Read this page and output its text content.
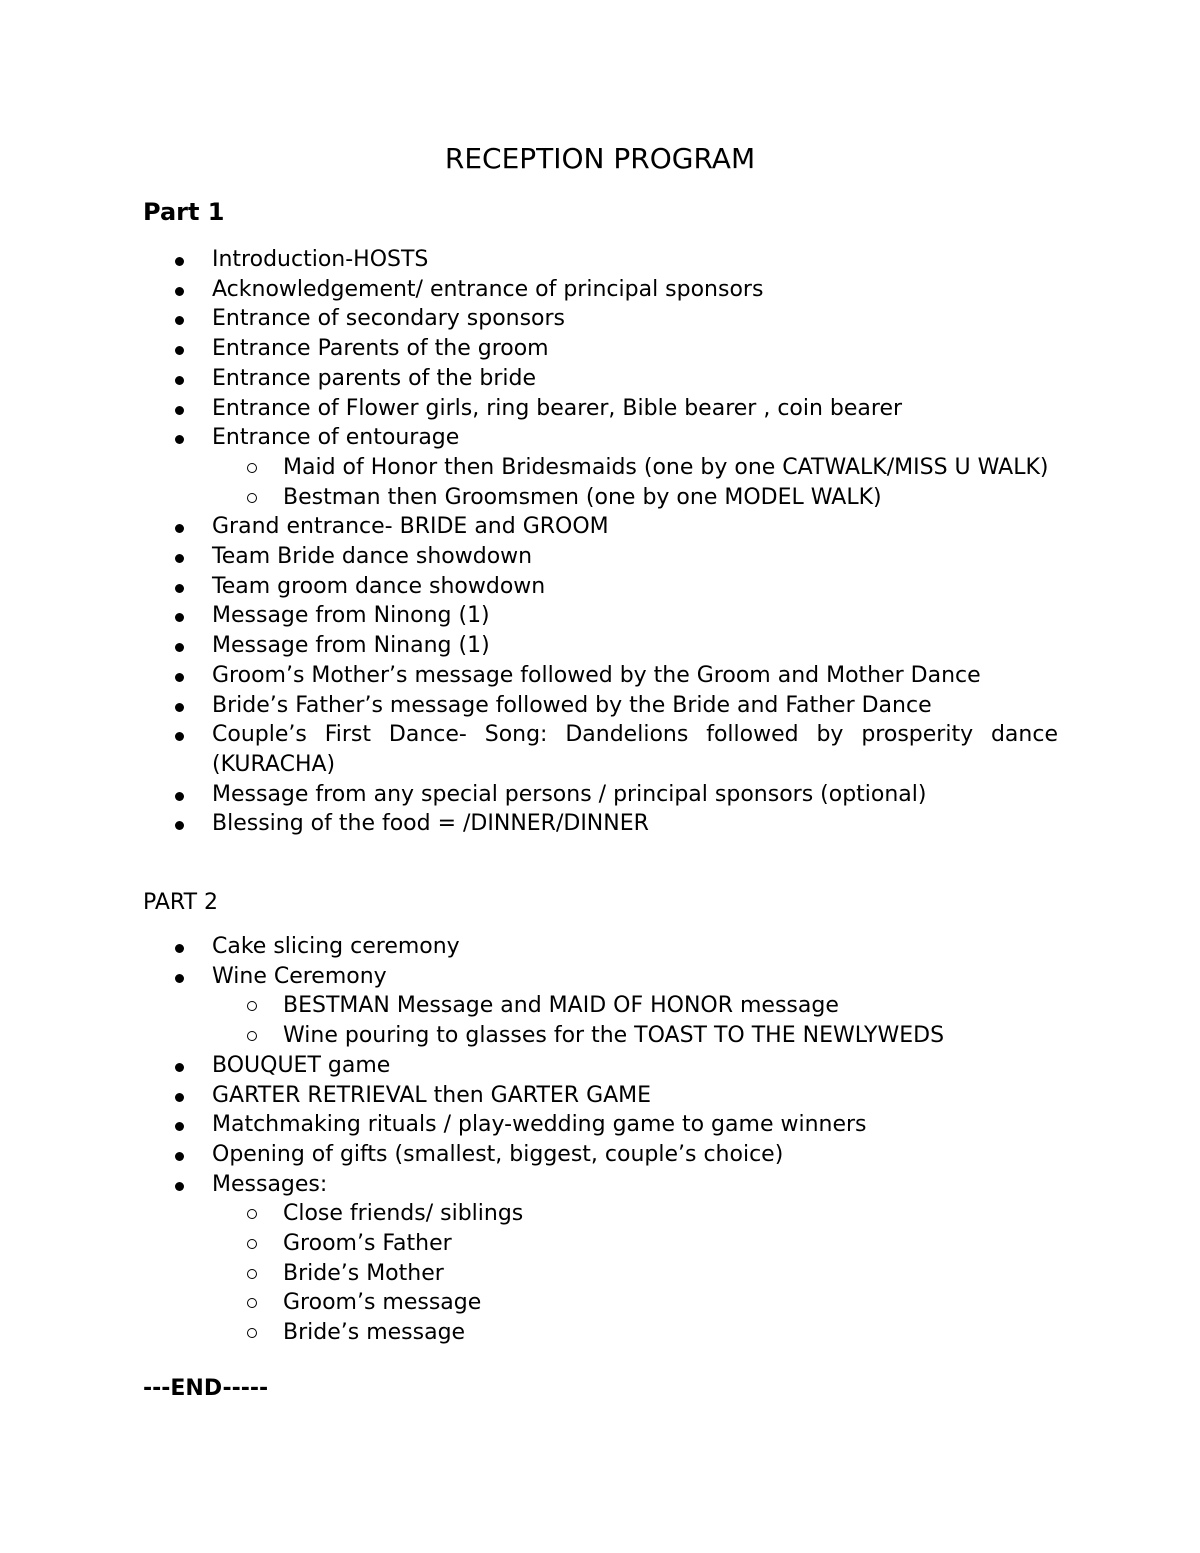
RECEPTION PROGRAM
Part 1
Introduction-HOSTS
Acknowledgement/ entrance of principal sponsors
Entrance of secondary sponsors
Entrance Parents of the groom
Entrance parents of the bride
Entrance of Flower girls, ring bearer, Bible bearer , coin bearer
Entrance of entourage
Maid of Honor then Bridesmaids (one by one CATWALK/MISS U WALK)
Bestman then Groomsmen (one by one MODEL WALK)
Grand entrance- BRIDE and GROOM
Team Bride dance showdown
Team groom dance showdown
Message from Ninong (1)
Message from Ninang (1)
Groom’s Mother’s message followed by the Groom and Mother Dance
Bride’s Father’s message followed by the Bride and Father Dance
Couple’s First Dance- Song: Dandelions followed by prosperity dance (KURACHA)
Message from any special persons / principal sponsors (optional)
Blessing of the food = /DINNER/DINNER
PART 2
Cake slicing ceremony
Wine Ceremony
BESTMAN Message and MAID OF HONOR message
Wine pouring to glasses for the TOAST TO THE NEWLYWEDS
BOUQUET game
GARTER RETRIEVAL then GARTER GAME
Matchmaking rituals / play-wedding game to game winners
Opening of gifts (smallest, biggest, couple’s choice)
Messages:
Close friends/ siblings
Groom’s Father
Bride’s Mother
Groom’s message
Bride’s message

---END-----
